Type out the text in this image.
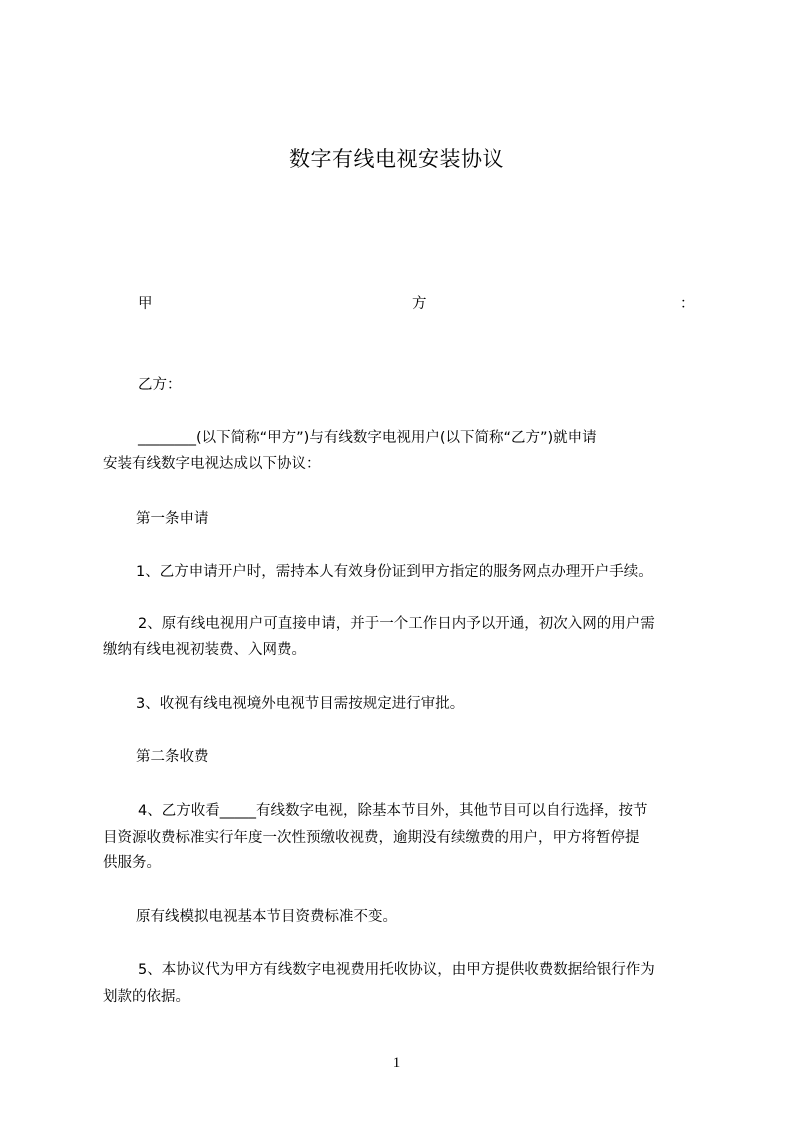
数字有线电视安装协议
甲	方	：
乙方：
________(以下简称“甲方”)与有线数字电视用户(以下简称“乙方”)就申请
安装有线数字电视达成以下协议：
第一条申请
1、乙方申请开户时，需持本人有效身份证到甲方指定的服务网点办理开户手续。
2、原有线电视用户可直接申请，并于一个工作日内予以开通，初次入网的用户需
缴纳有线电视初装费、入网费。
3、收视有线电视境外电视节目需按规定进行审批。
第二条收费
4、乙方收看_____有线数字电视，除基本节目外，其他节目可以自行选择，按节
目资源收费标准实行年度一次性预缴收视费，逾期没有续缴费的用户，甲方将暂停提
供服务。
原有线模拟电视基本节目资费标准不变。
5、本协议代为甲方有线数字电视费用托收协议，由甲方提供收费数据给银行作为
划款的依据。
1
